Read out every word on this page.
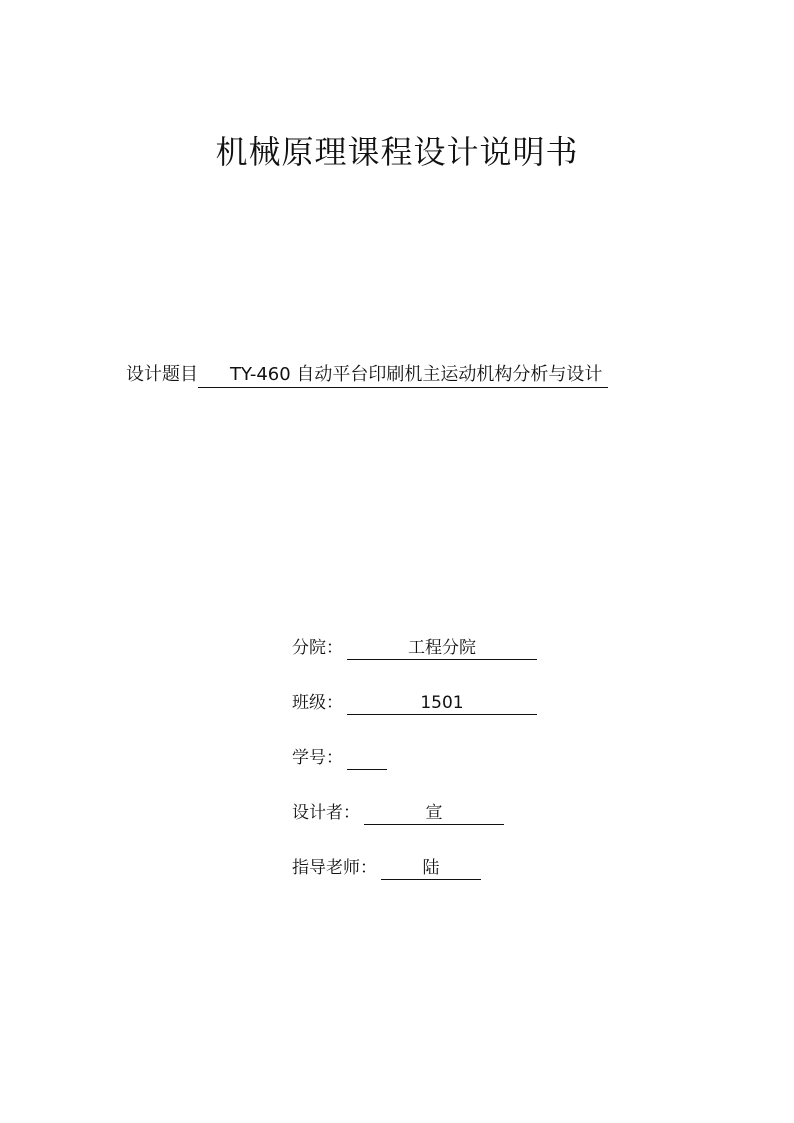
机械原理课程设计说明书
设计题目 TY-460 自动平台印刷机主运动机构分析与设计
分院：	工程分院
班级：	1501
学号：
设计者：	宣
指导老师：	陆
